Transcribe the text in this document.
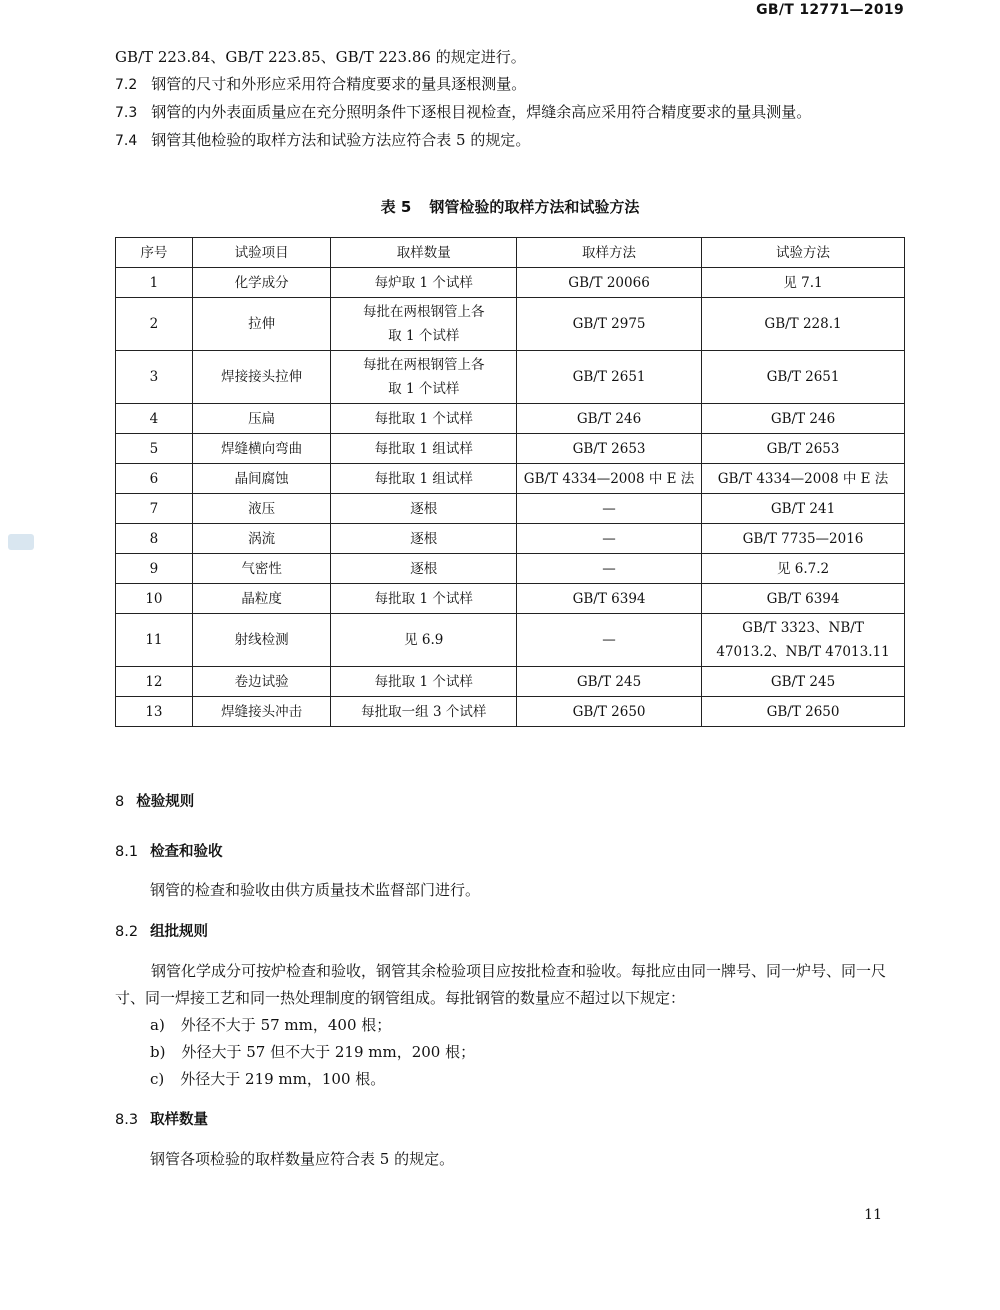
GB/T 12771—2019
GB/T 223.84、GB/T 223.85、GB/T 223.86 的规定进行。
7.2 钢管的尺寸和外形应采用符合精度要求的量具逐根测量。
7.3 钢管的内外表面质量应在充分照明条件下逐根目视检查，焊缝余高应采用符合精度要求的量具测量。
7.4 钢管其他检验的取样方法和试验方法应符合表 5 的规定。
表 5 钢管检验的取样方法和试验方法
序号	试验项目	取样数量	取样方法	试验方法
1	化学成分	每炉取 1 个试样	GB/T 20066	见 7.1
2	拉伸	每批在两根钢管上各取 1 个试样	GB/T 2975	GB/T 228.1
3	焊接接头拉伸	每批在两根钢管上各取 1 个试样	GB/T 2651	GB/T 2651
4	压扁	每批取 1 个试样	GB/T 246	GB/T 246
5	焊缝横向弯曲	每批取 1 组试样	GB/T 2653	GB/T 2653
6	晶间腐蚀	每批取 1 组试样	GB/T 4334—2008 中 E 法	GB/T 4334—2008 中 E 法
7	液压	逐根	—	GB/T 241
8	涡流	逐根	—	GB/T 7735—2016
9	气密性	逐根	—	见 6.7.2
10	晶粒度	每批取 1 个试样	GB/T 6394	GB/T 6394
11	射线检测	见 6.9	—	GB/T 3323、NB/T 47013.2、NB/T 47013.11
12	卷边试验	每批取 1 个试样	GB/T 245	GB/T 245
13	焊缝接头冲击	每批取一组 3 个试样	GB/T 2650	GB/T 2650
8 检验规则
8.1 检查和验收
钢管的检查和验收由供方质量技术监督部门进行。
8.2 组批规则
钢管化学成分可按炉检查和验收，钢管其余检验项目应按批检查和验收。每批应由同一牌号、同一炉号、同一尺寸、同一焊接工艺和同一热处理制度的钢管组成。每批钢管的数量应不超过以下规定：
a) 外径不大于 57 mm，400 根；
b) 外径大于 57 但不大于 219 mm，200 根；
c) 外径大于 219 mm，100 根。
8.3 取样数量
钢管各项检验的取样数量应符合表 5 的规定。
11
